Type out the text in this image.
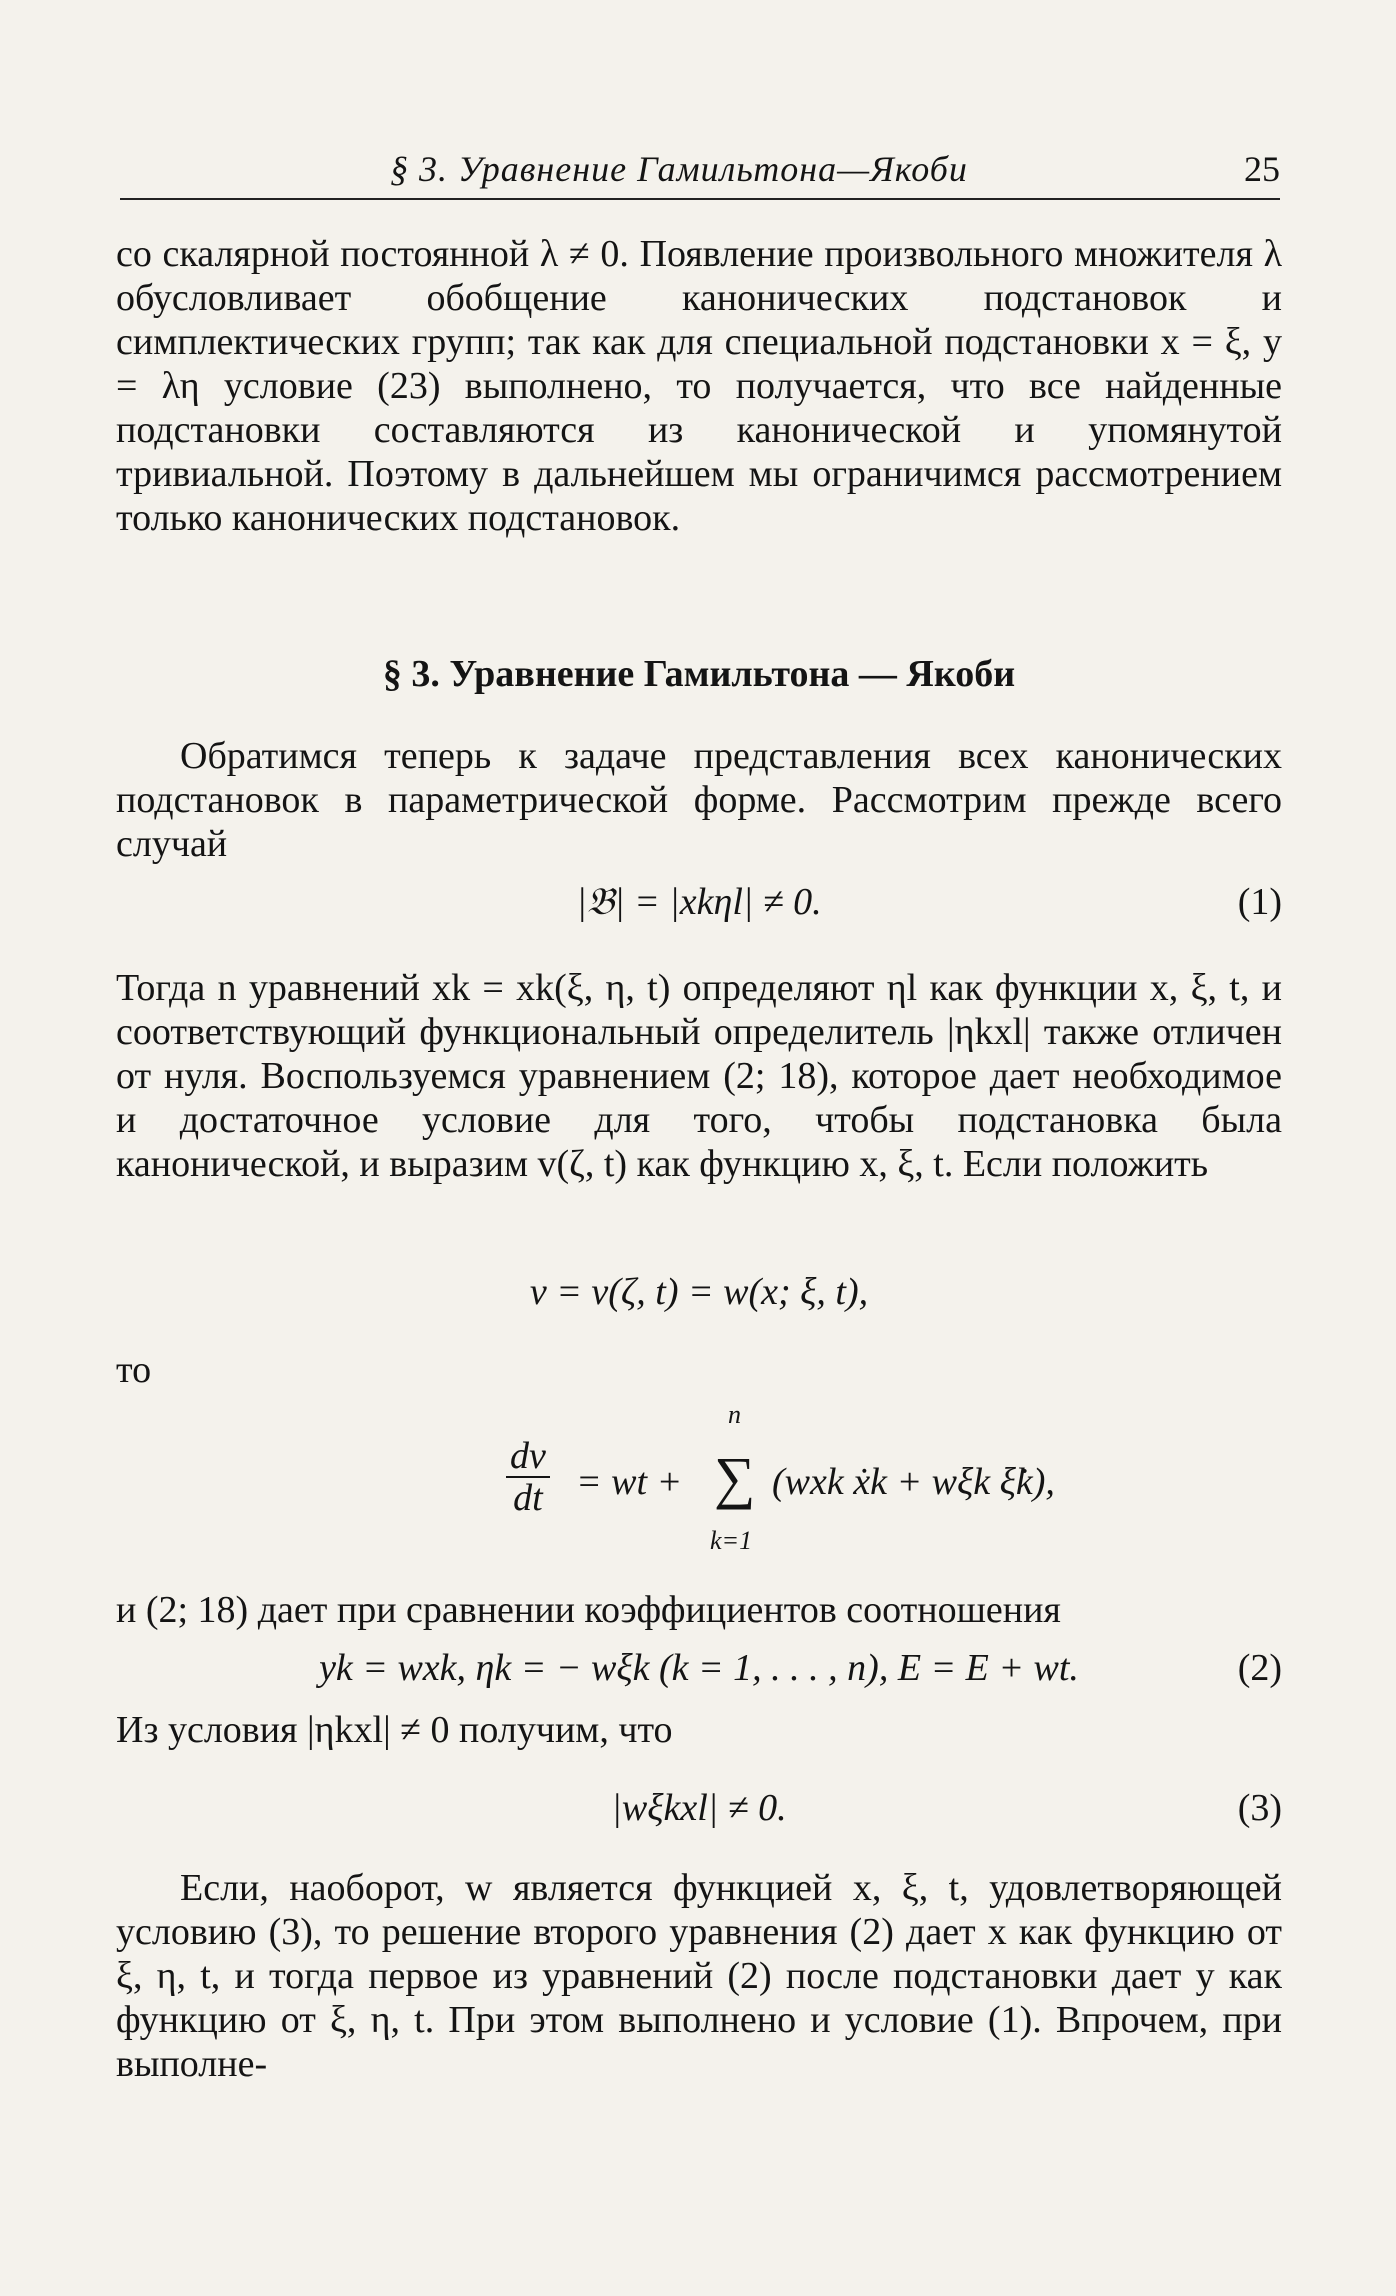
§ 3. Уравнение Гамильтона—Якоби	25
со скалярной постоянной λ ≠ 0. Появление произвольного множителя λ обусловливает обобщение канонических подстановок и симплектических групп; так как для специальной подстановки x = ξ, y = λη условие (23) выполнено, то получается, что все найденные подстановки составляются из канонической и упомянутой тривиальной. Поэтому в дальнейшем мы ограничимся рассмотрением только канонических подстановок.
§ 3. Уравнение Гамильтона — Якоби
Обратимся теперь к задаче представления всех канонических подстановок в параметрической форме. Рассмотрим прежде всего случай
|𝔅| = |xkηl| ≠ 0.	(1)
Тогда n уравнений xk = xk(ξ, η, t) определяют ηl как функции x, ξ, t, и соответствующий функциональный определитель |ηkxl| также отличен от нуля. Воспользуемся уравнением (2; 18), которое дает необходимое и достаточное условие для того, чтобы подстановка была канонической, и выразим v(ζ, t) как функцию x, ξ, t. Если положить
v = v(ζ, t) = w(x; ξ, t),
то
$\frac{dv}{dt}$ = wt +
n
∑
k=1
(wxk ẋk + wξk ξ̇k),
и (2; 18) дает при сравнении коэффициентов соотношения
yk = wxk, ηk = − wξk (k = 1, . . . , n), E = E + wt.	(2)
Из условия |ηkxl| ≠ 0 получим, что
|wξkxl| ≠ 0.	(3)
Если, наоборот, w является функцией x, ξ, t, удовлетворяющей условию (3), то решение второго уравнения (2) дает x как функцию от ξ, η, t, и тогда первое из уравнений (2) после подстановки дает y как функцию от ξ, η, t. При этом выполнено и условие (1). Впрочем, при выполне-
